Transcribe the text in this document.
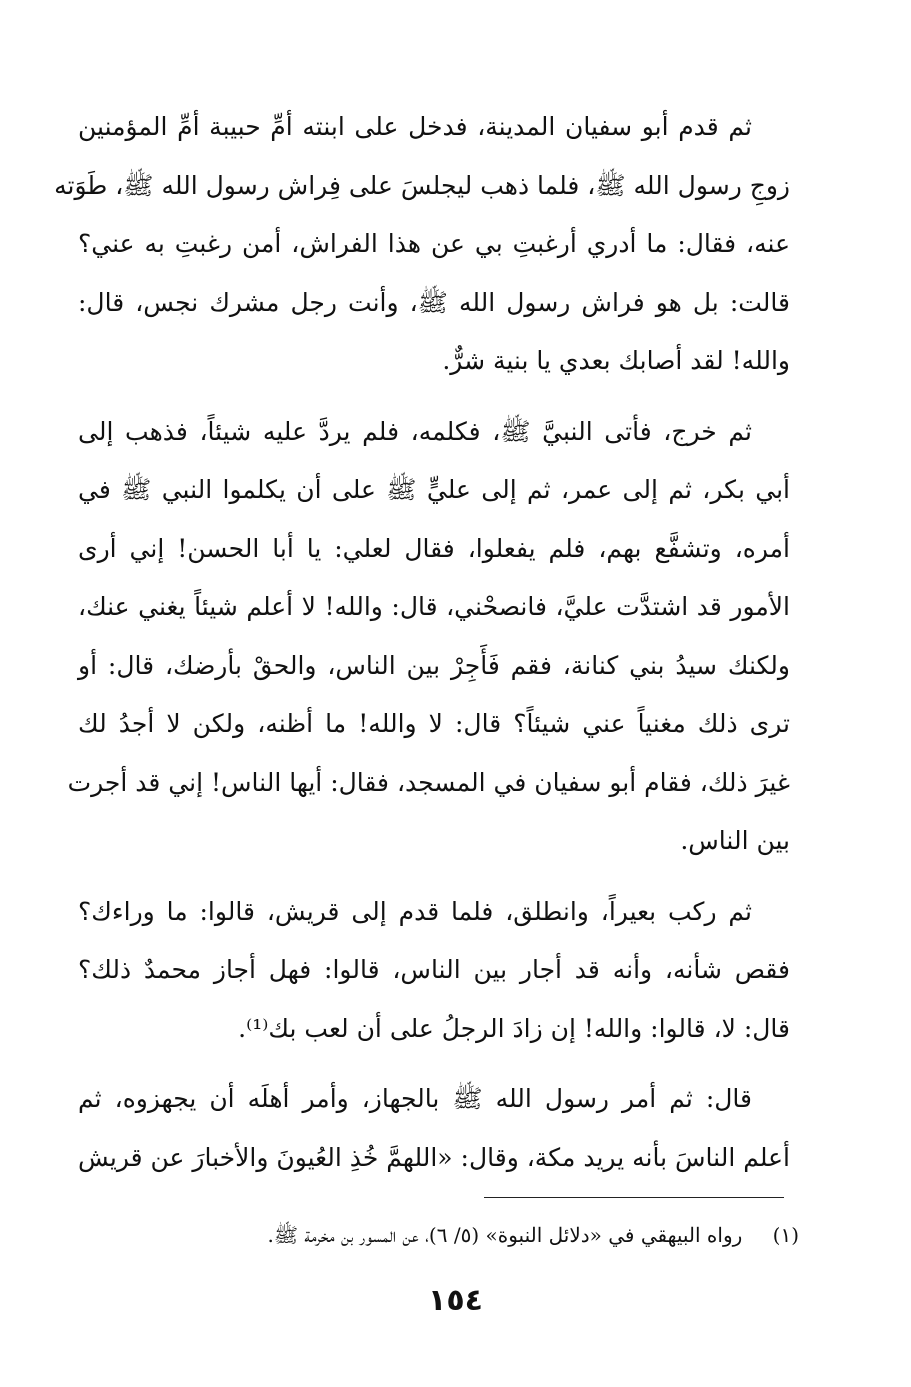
ثم قدم أبو سفيان المدينة، فدخل على ابنته أمِّ حبيبة أمِّ المؤمنين
زوجِ رسول الله ﷺ، فلما ذهب ليجلسَ على فِراش رسول الله ﷺ، طَوَته
عنه، فقال: ما أدري أرغبتِ بي عن هذا الفراش، أمن رغبتِ به عني؟
قالت: بل هو فراش رسول الله ﷺ، وأنت رجل مشرك نجس، قال:
والله! لقد أصابك بعدي يا بنية شرٌّ.
ثم خرج، فأتى النبيَّ ﷺ، فكلمه، فلم يردَّ عليه شيئاً، فذهب إلى
أبي بكر، ثم إلى عمر، ثم إلى عليٍّ ﷺ على أن يكلموا النبي ﷺ في
أمره، وتشفَّع بهم، فلم يفعلوا، فقال لعلي: يا أبا الحسن! إني أرى
الأمور قد اشتدَّت عليَّ، فانصحْني، قال: والله! لا أعلم شيئاً يغني عنك،
ولكنك سيدُ بني كنانة، فقم فَأَجِرْ بين الناس، والحقْ بأرضك، قال: أو
ترى ذلك مغنياً عني شيئاً؟ قال: لا والله! ما أظنه، ولكن لا أجدُ لك
غيرَ ذلك، فقام أبو سفيان في المسجد، فقال: أيها الناس! إني قد أجرت
بين الناس.
ثم ركب بعيراً، وانطلق، فلما قدم إلى قريش، قالوا: ما وراءك؟
فقص شأنه، وأنه قد أجار بين الناس، قالوا: فهل أجاز محمدٌ ذلك؟
قال: لا، قالوا: والله! إن زادَ الرجلُ على أن لعب بك⁽¹⁾.
قال: ثم أمر رسول الله ﷺ بالجهاز، وأمر أهلَه أن يجهزوه، ثم
أعلم الناسَ بأنه يريد مكة، وقال: «اللهمَّ خُذِ العُيونَ والأخبارَ عن قريش
(١) رواه البيهقي في «دلائل النبوة» (٥/ ٦)، عن المسور بن مخرمة ﷺ.
١٥٤
